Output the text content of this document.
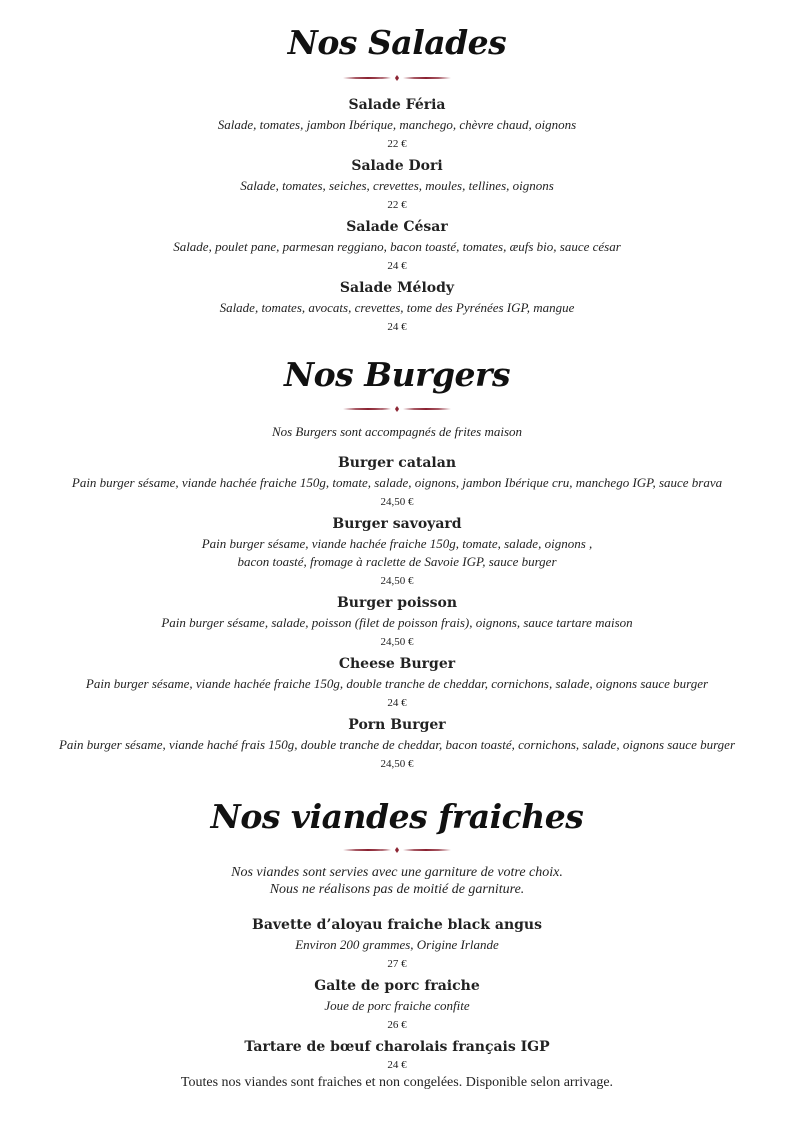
Nos Salades
Salade Féria
Salade, tomates, jambon Ibérique, manchego, chèvre chaud, oignons
22 €
Salade Dori
Salade, tomates, seiches, crevettes, moules, tellines, oignons
22 €
Salade César
Salade, poulet pane, parmesan reggiano, bacon toasté, tomates, æufs bio, sauce césar
24 €
Salade Mélody
Salade, tomates, avocats, crevettes, tome des Pyrénées IGP, mangue
24 €
Nos Burgers
Nos Burgers sont accompagnés de frites maison
Burger catalan
Pain burger sésame, viande hachée fraiche 150g, tomate, salade, oignons, jambon Ibérique cru, manchego IGP, sauce brava
24,50 €
Burger savoyard
Pain burger sésame, viande hachée fraiche 150g, tomate, salade, oignons ,
bacon toasté, fromage à raclette de Savoie IGP, sauce burger
24,50 €
Burger poisson
Pain burger sésame, salade, poisson (filet de poisson frais), oignons, sauce tartare maison
24,50 €
Cheese Burger
Pain burger sésame, viande hachée fraiche 150g, double tranche de cheddar, cornichons, salade, oignons sauce burger
24 €
Porn Burger
Pain burger sésame, viande haché frais 150g, double tranche de cheddar, bacon toasté, cornichons, salade, oignons sauce burger
24,50 €
Nos viandes fraiches
Nos viandes sont servies avec une garniture de votre choix.
Nous ne réalisons pas de moitié de garniture.
Bavette d’aloyau fraiche black angus
Environ 200 grammes, Origine Irlande
27 €
Galte de porc fraiche
Joue de porc fraiche confite
26 €
Tartare de bœuf charolais français IGP
24 €
Toutes nos viandes sont fraiches et non congelées. Disponible selon arrivage.
